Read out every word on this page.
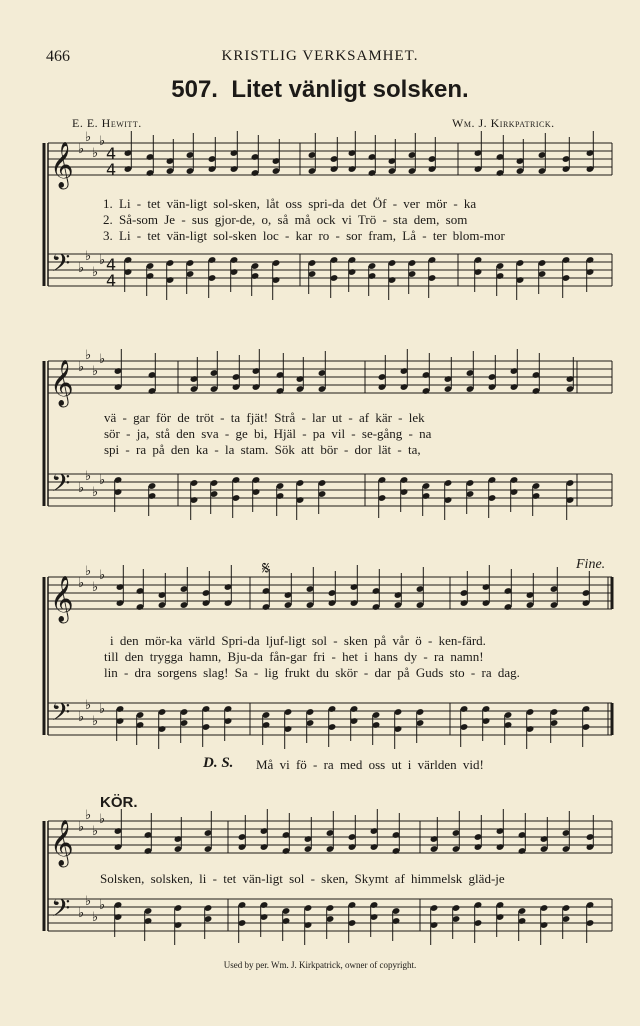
𝄞
𝄢
♭
♭
♭
♭
♭
♭
♭
♭
4
4
4
4
𝄞
𝄢
♭
♭
♭
♭
♭
♭
♭
♭
𝄞
𝄢
♭
♭
♭
♭
♭
♭
♭
♭
𝄞
𝄢
♭
♭
♭
♭
♭
♭
♭
♭
𝄋
466	KRISTLIG VERKSAMHET.
507. Litet vänligt solsken.
E. E. Hewitt.	Wm. J. Kirkpatrick.
1. Li - tet vän-ligt sol-sken, låt oss spri-da det Öf - ver mör - ka
2. Så-som Je - sus gjor-de, o, så må ock vi Trö - sta dem, som
3. Li - tet vän-ligt sol-sken loc - kar ro - sor fram, Lå - ter blom-mor
vä - gar för de tröt - ta fjät! Strå - lar ut - af kär - lek
sör - ja, stå den sva - ge bi, Hjäl - pa vil - se-gång - na
spi - ra på den ka - la stam. Sök att bör - dor lät - ta,
Fine.
i den mör-ka värld Spri-da ljuf-ligt sol - sken på vår ö - ken-färd.
till den trygga hamn, Bju-da fån-gar fri - het i hans dy - ra namn!
lin - dra sorgens slag! Sa - lig frukt du skör - dar på Guds sto - ra dag.
D. S. Må vi fö - ra med oss ut i världen vid!
KÖR.
Solsken, solsken, li - tet vän-ligt sol - sken, Skymt af himmelsk gläd-je
Used by per. Wm. J. Kirkpatrick, owner of copyright.
